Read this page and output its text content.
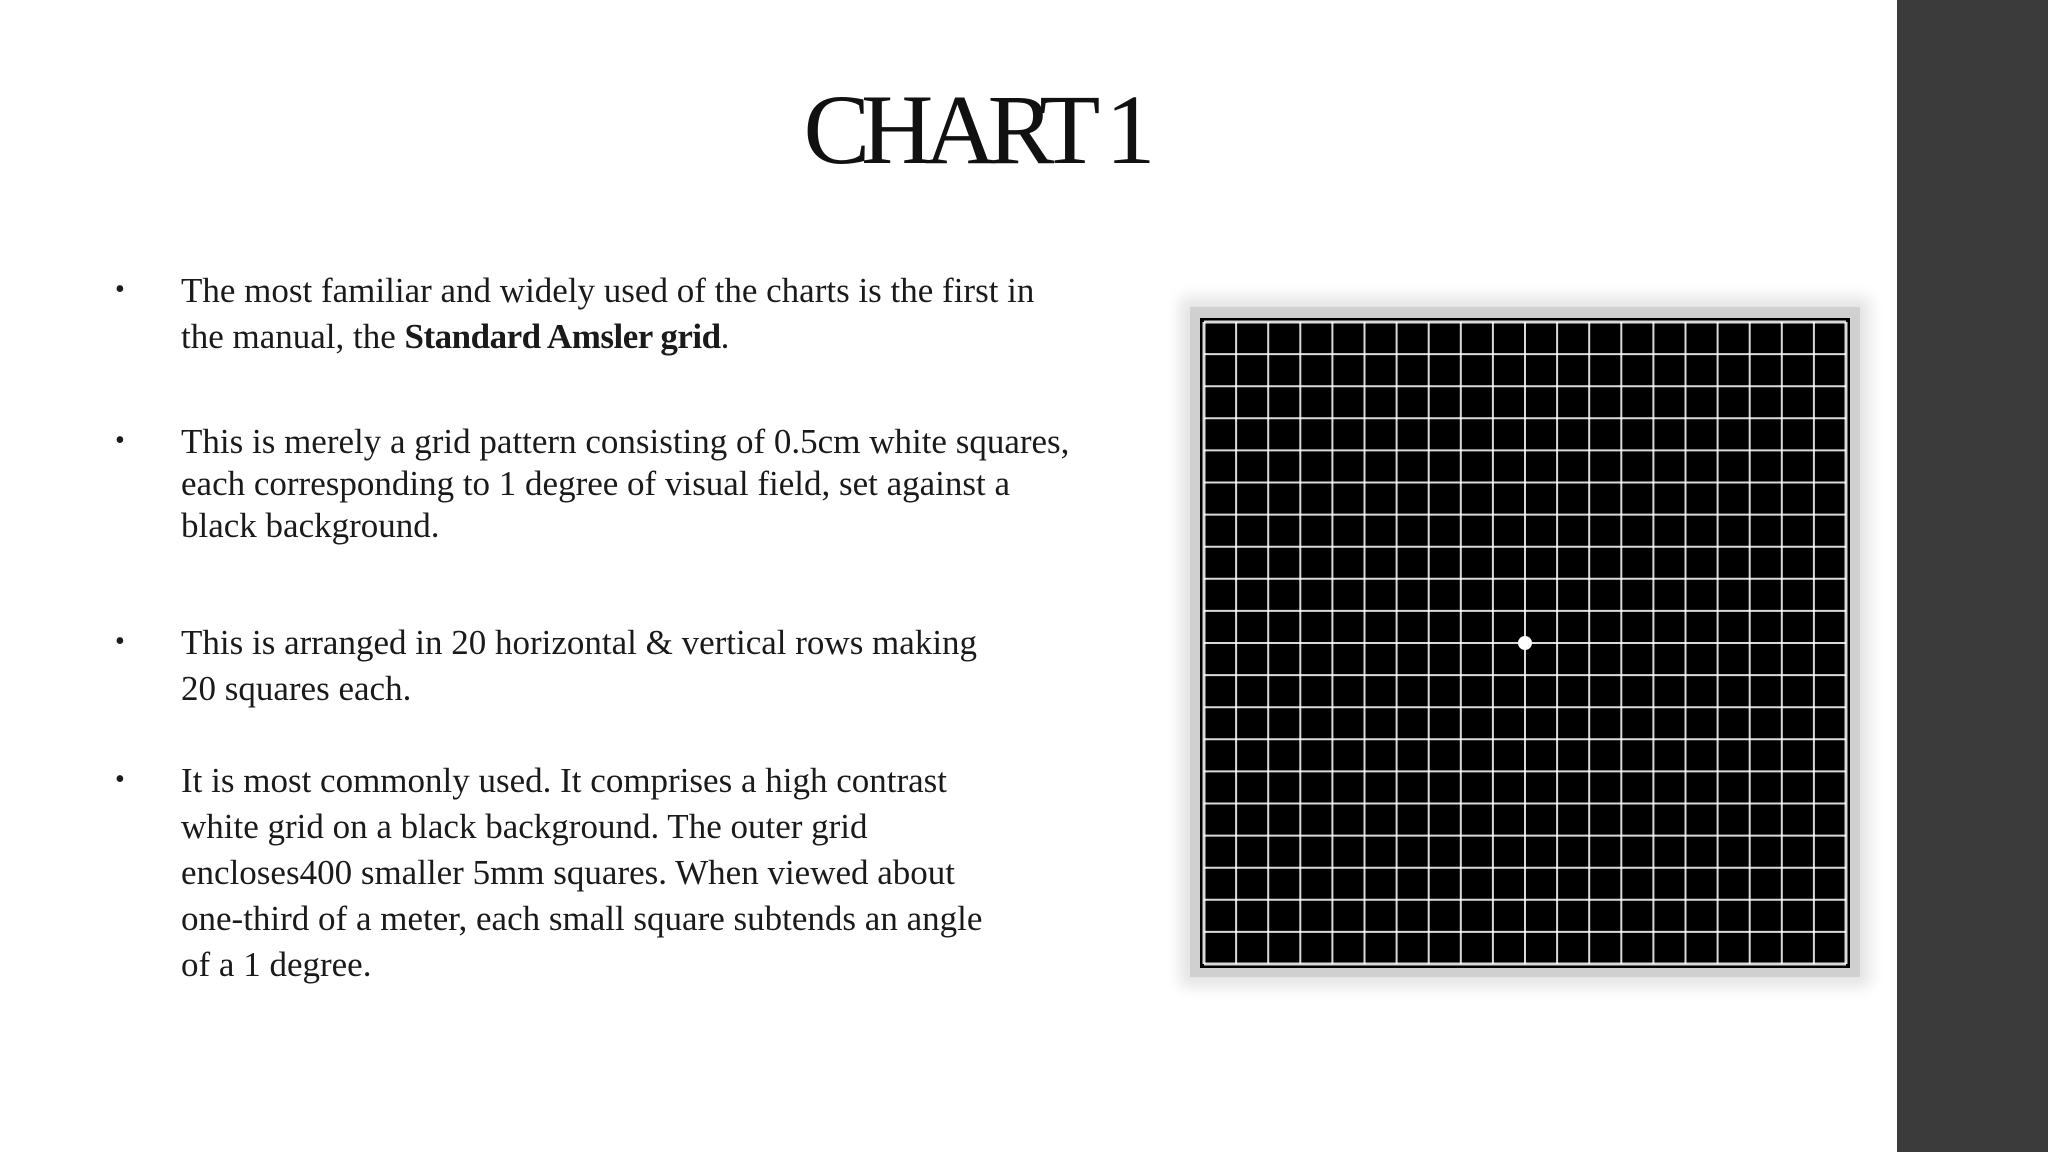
CHART 1
• The most familiar and widely used of the charts is the first in
the manual, the Standard Amsler grid.
• This is merely a grid pattern consisting of 0.5cm white squares,
each corresponding to 1 degree of visual field, set against a
black background.
• This is arranged in 20 horizontal & vertical rows making
20 squares each.
• It is most commonly used. It comprises a high contrast
white grid on a black background. The outer grid
encloses400 smaller 5mm squares. When viewed about
one-third of a meter, each small square subtends an angle
of a 1 degree.
